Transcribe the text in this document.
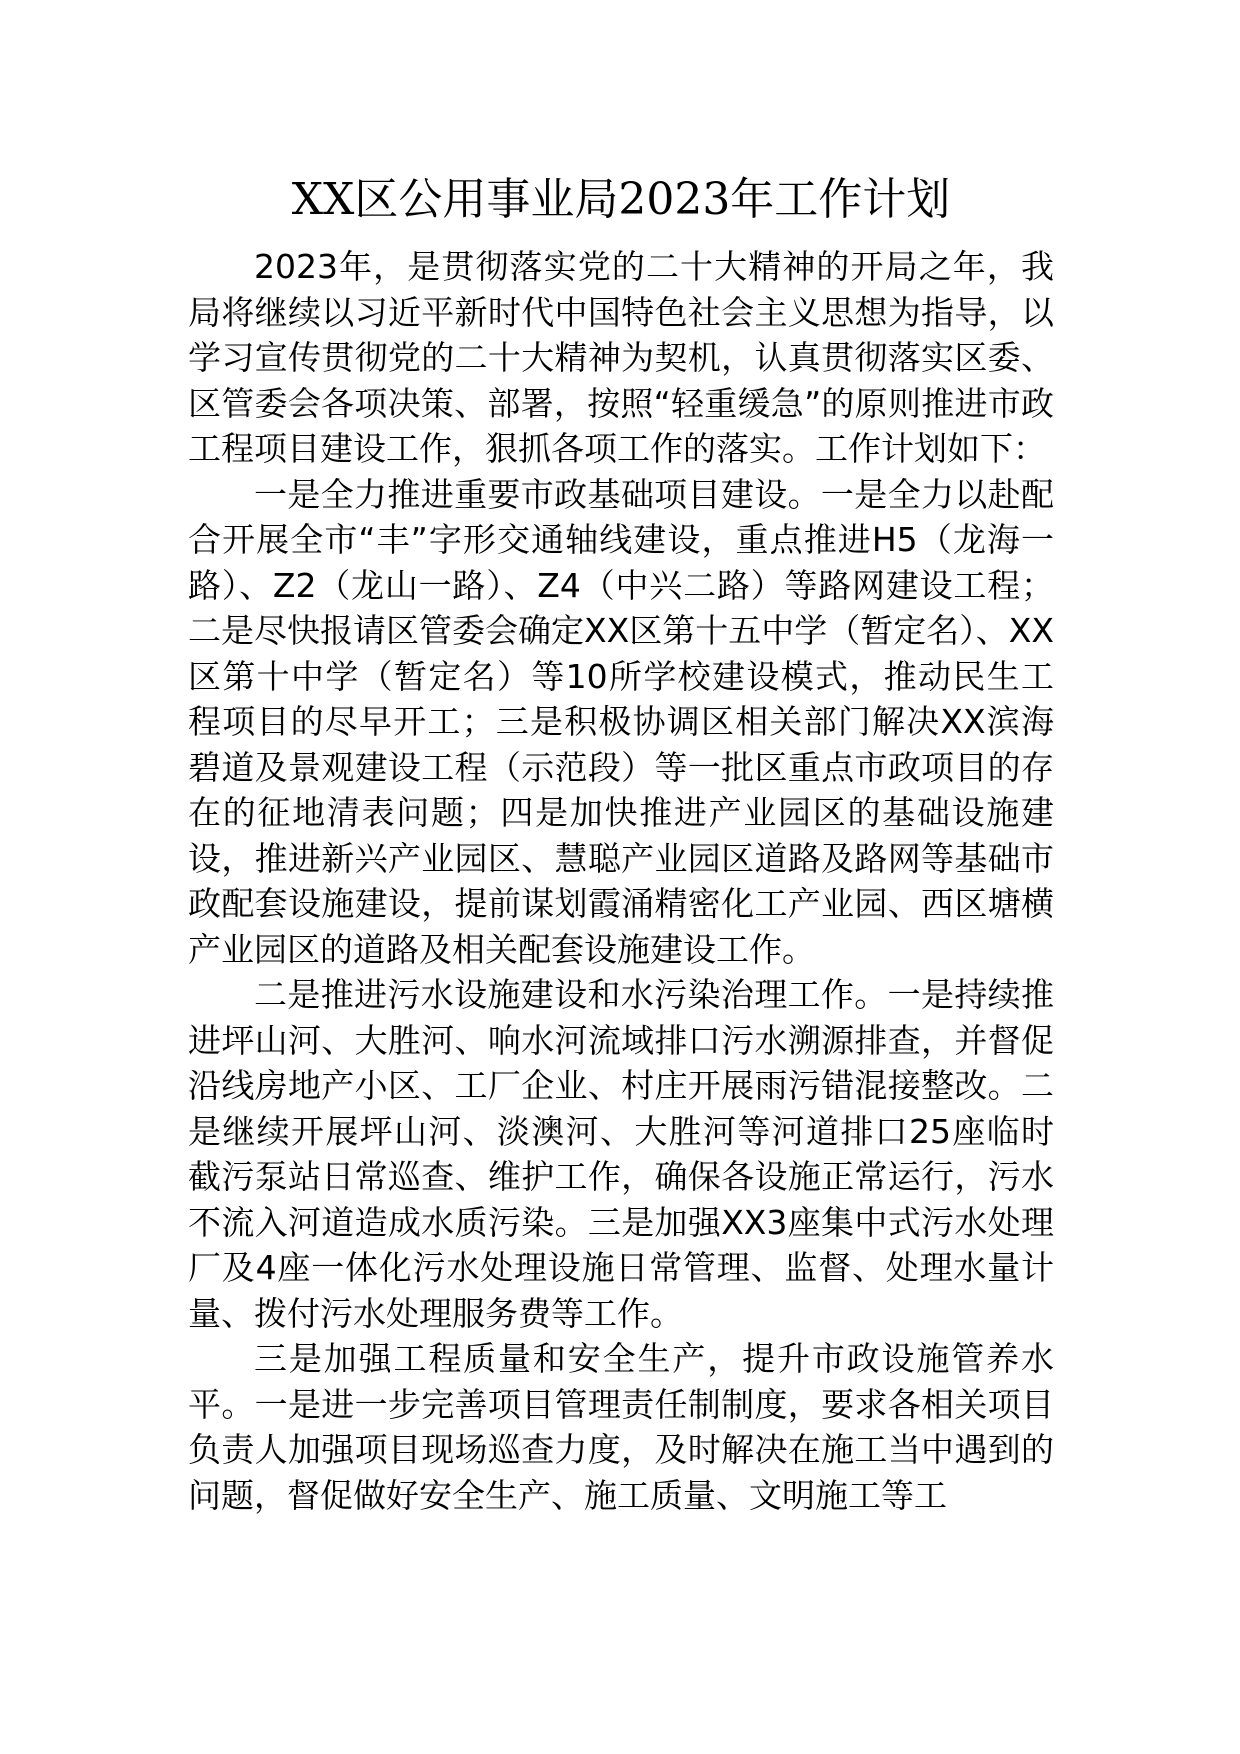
XX区公用事业局2023年工作计划

2023年，是贯彻落实党的二十大精神的开局之年，我局将继续以习近平新时代中国特色社会主义思想为指导，以学习宣传贯彻党的二十大精神为契机，认真贯彻落实区委、区管委会各项决策、部署，按照“轻重缓急”的原则推进市政工程项目建设工作，狠抓各项工作的落实。工作计划如下：

一是全力推进重要市政基础项目建设。一是全力以赴配合开展全市“丰”字形交通轴线建设，重点推进H5（龙海一路）、Z2（龙山一路）、Z4（中兴二路）等路网建设工程；二是尽快报请区管委会确定XX区第十五中学（暂定名）、XX区第十中学（暂定名）等10所学校建设模式，推动民生工程项目的尽早开工；三是积极协调区相关部门解决XX滨海碧道及景观建设工程（示范段）等一批区重点市政项目的存在的征地清表问题；四是加快推进产业园区的基础设施建设，推进新兴产业园区、慧聪产业园区道路及路网等基础市政配套设施建设，提前谋划霞涌精密化工产业园、西区塘横产业园区的道路及相关配套设施建设工作。

二是推进污水设施建设和水污染治理工作。一是持续推进坪山河、大胜河、响水河流域排口污水溯源排查，并督促沿线房地产小区、工厂企业、村庄开展雨污错混接整改。二是继续开展坪山河、淡澳河、大胜河等河道排口25座临时截污泵站日常巡查、维护工作，确保各设施正常运行，污水不流入河道造成水质污染。三是加强XX3座集中式污水处理厂及4座一体化污水处理设施日常管理、监督、处理水量计量、拨付污水处理服务费等工作。

三是加强工程质量和安全生产，提升市政设施管养水平。一是进一步完善项目管理责任制制度，要求各相关项目负责人加强项目现场巡查力度，及时解决在施工当中遇到的问题，督促做好安全生产、施工质量、文明施工等工
